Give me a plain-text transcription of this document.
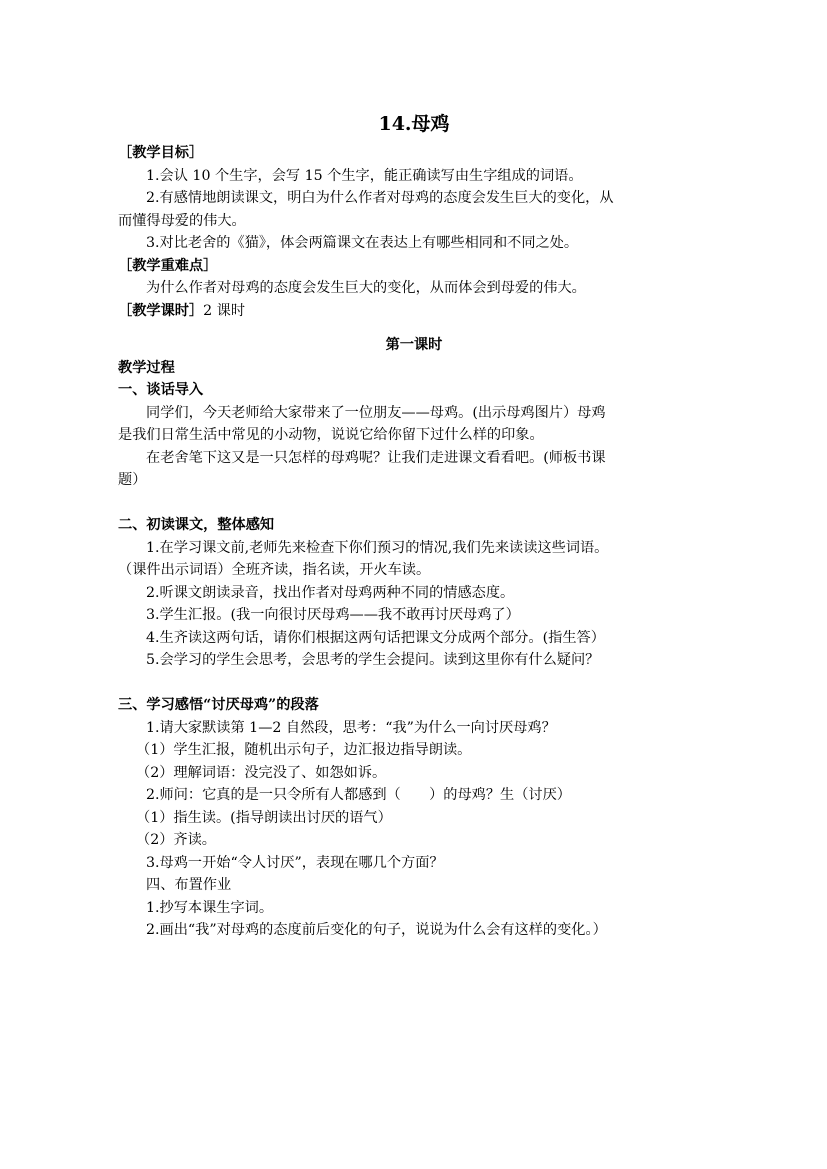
14.母鸡
［教学目标］
1.会认 10 个生字，会写 15 个生字，能正确读写由生字组成的词语。
2.有感情地朗读课文，明白为什么作者对母鸡的态度会发生巨大的变化，从
而懂得母爱的伟大。
3.对比老舍的《猫》，体会两篇课文在表达上有哪些相同和不同之处。
［教学重难点］
为什么作者对母鸡的态度会发生巨大的变化，从而体会到母爱的伟大。
［教学课时］2 课时
第一课时
教学过程
一、谈话导入
同学们，今天老师给大家带来了一位朋友——母鸡。(出示母鸡图片）母鸡
是我们日常生活中常见的小动物，说说它给你留下过什么样的印象。
在老舍笔下这又是一只怎样的母鸡呢？让我们走进课文看看吧。(师板书课
题）
二、初读课文，整体感知
1.在学习课文前,老师先来检查下你们预习的情况,我们先来读读这些词语。
（课件出示词语）全班齐读，指名读，开火车读。
2.听课文朗读录音，找出作者对母鸡两种不同的情感态度。
3.学生汇报。(我一向很讨厌母鸡——我不敢再讨厌母鸡了）
4.生齐读这两句话，请你们根据这两句话把课文分成两个部分。(指生答）
5.会学习的学生会思考，会思考的学生会提问。读到这里你有什么疑问？
三、学习感悟“讨厌母鸡”的段落
1.请大家默读第 1—2 自然段，思考：“我”为什么一向讨厌母鸡？
（1）学生汇报，随机出示句子，边汇报边指导朗读。
（2）理解词语：没完没了、如怨如诉。
2.师问：它真的是一只令所有人都感到（　　）的母鸡？生（讨厌）
（1）指生读。(指导朗读出讨厌的语气）
（2）齐读。
3.母鸡一开始“令人讨厌”，表现在哪几个方面？
四、布置作业
1.抄写本课生字词。
2.画出“我”对母鸡的态度前后变化的句子，说说为什么会有这样的变化。）
